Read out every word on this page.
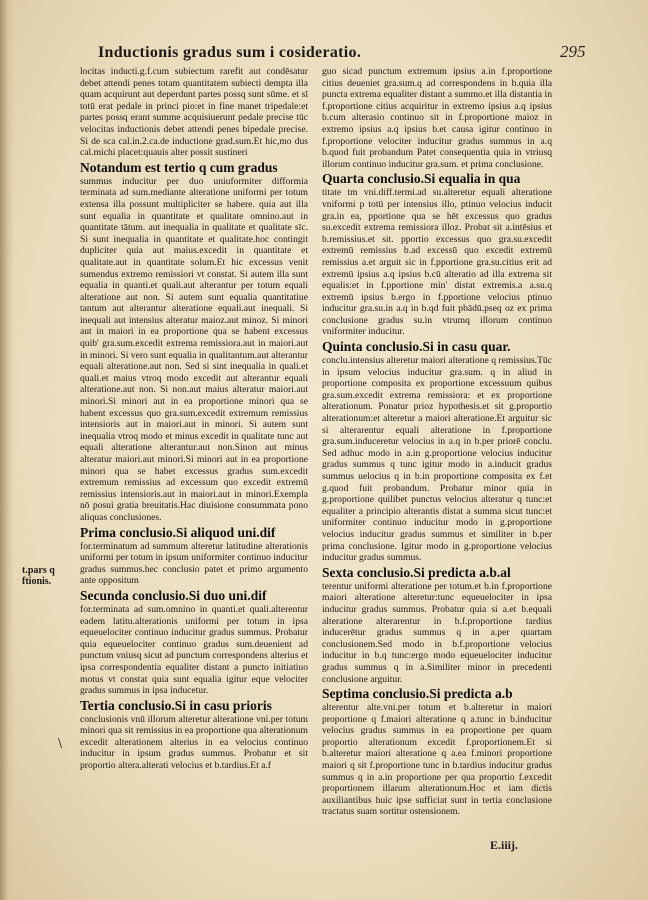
Inductionis gradus sum i cosideratio.	295
t.pars q
ftionis.
\

locitas inducti.g.f.cum subiectum rarefit aut condēsatur debet attendi penes totam quantitatem subiecti dempta illa quam acquirunt aut deperdunt partes possq sunt sūme. et sī totū erat pedale in princi pio:et in fine manet tripedale:et partes possq erant summe acquisiuerunt pedale precise tūc velocitas inductionis debet attendi penes bipedale precise. Si de sca cal.in.2.ca.de inductione grad.sum.Et hic,mo dus cal.michi placet:quauis alter possit sustineri

Notandum est tertio q cum gradus

summus inducitur per duo uniuformiter difformia terminata ad sum.mediante alteratione uniformi per totum extensa illa possunt multipliciter se habere. quia aut illa sunt equalia in quantitate et qualitate omnino.aut in quantitate tātum. aut inequalia in qualitate et qualitate sīc. Si sunt inequalia in quantitate et qualitate.hoc contingit dupliciter quia aut maius.excedit in quantitate et qualitate.aut in quantitate solum.Et hic excessus venit sumendus extremo remissiori vt constat. Si autem illa sunt equalia in quanti.et quali.aut alterantur per totum equali alteratione aut non. Si autem sunt equalia quantitatiue tantum aut alterantur alteratione equali.aut inequali. Si inequali aut intensius alteratur maioz.aut minoz. Si minori aut in maiori in ea proportione qua se habent excessus quib' gra.sum.excedit extrema remissiora.aut in maiori.aut in minori. Si vero sunt equalia in qualitantum.aut alterantur equali alteratione.aut non. Sed si sint inequalia in quali.et quali.et maius vtroq modo excedit aut alterantur equali alteratione.aut non. Si non.aut maius alteratur maiori.aut minori.Si minori aut in ea proportione minori qua se habent excessus quo gra.sum.excedit extremum remissius intensioris aut in maiori.aut in minori. Si autem sunt inequalia vtroq modo et minus excedit in qualitate tunc aut equali alteratione alterantur.aut non.Sinon aut minus alteratur maiori.aut minori.Si minori aut in ea proportione minori qua se habet excessus gradus sum.excedit extremum remissius ad excessum quo excedit extremū remissius intensioris.aut in maiori.aut in minori.Exempla nō posui gratia breuitatis.Hac diuisione consummata pono aliquas conclusiones.

Prima conclusio.Si aliquod uni.dif

for.terminatum ad summum alteretur latitudine alterationis uniformi per totum in ipsum uniformiter continuo inducitur gradus summus.hec conclusio patet et primo argumento ante oppositum

Secunda conclusio.Si duo uni.dif

for.terminata ad sum.omnino in quanti.et quali.alterentur eadem latitu.alterationis uniformi per totum in ipsa equeuelociter continuo inducitur gradus summus. Probatur quia equeuelociter continuo gradus sum.deuenient ad punctum vniusq sicut ad punctum correspondens alterius et ipsa correspondentia equaliter distant a puncto initiatiuo motus vt constat quia sunt equalia igitur eque velociter gradus summus in ipsa inducetur.

Tertia conclusio.Si in casu prioris

conclusionis vnū illorum alteretur alteratione vni.per totum minori qua sit remissius in ea proportione qua alterationum excedit alterationem alterius in ea velocius continuo inducitur in ipsum gradus summus. Probatur et sit proportio altera.alterati velocius et b.tardius.Et a.f

guo sicad punctum extremum ipsius a.in f.proportione citius deueniet gra.sum.q ad correspondens in b.quia illa puncta extrema equaliter distant a summo.et illa distantia in f.proportione citius acquiritur in extremo ipsius a.q ipsius b.cum alterasio continuo sit in f.proportione maioz in extremo ipsius a.q ipsius b.et causa igitur continuo in f.proportione velociter inducitur gradus summus in a.q b.quod fuit probandum Patet consequentia quia in vtriusq illorum continuo inducitur gra.sum. et prima conclusione.

Quarta conclusio.Si equalia in qua

titate tm vni.diff.termi.ad su.alteretur equali alteratione vniformi p totū per intensius illo, ptinuo velocius inducit gra.in ea, pportione qua se hēt excessus quo gradus su.excedit extrema remissiora illoz. Probat sit a.intēsius et b.remissius.et sit. pportio excessus quo gra.su.excedit extremū remissius b.ad excessū quo excedit extremū remissius a.et arguit sic in f.pportione gra.su.citius erit ad extremū ipsius a.q ipsius b.cū alteratio ad illa extrema sit equalis:et in f.pportione min' distat extremis.a a.su.q extremū ipsius b.ergo in f.pportione velocius ptinuo inducitur gra.su.in a.q in b.qd fuit pbādū.pseq oz ex prima conclusione gradus su.in vtrumq illorum continuo vniformiter inducitur.

Quinta conclusio.Si in casu quar.

conclu.intensius alteretur maiori alteratione q remissius.Tūc in ipsum velocius inducitur gra.sum. q in aliud in proportione composita ex proportione excessuum quibus gra.sum.excedit extrema remissiora: et ex proportione alterationum. Ponatur prioz hypothesis.et sit g.proportio alterationum:et alteretur a maiori alteratione.Et arguitur sic si alterarentur equali alteratione in f.proportione gra.sum.induceretur velocius in a.q in b.per priorē conclu. Sed adhuc modo in a.in g.proportione velocius inducitur gradus summus q tunc igitur modo in a.inducit gradus summus uelocius q in b.in proportione composita ex f.et g.quod fuit probandum. Probatur minor quia in g.proportione quilibet punctus velocius alteratur q tunc:et equaliter a principio alterantis distat a summa sicut tunc:et uniformiter continuo inducitur modo in g.proportione velocius inducitur gradus summus et similiter in b.per prima conclusione. Igitur modo in g.proportione velocius inducitur gradus summus.

Sexta conclusio.Si predicta a.b.al

terentur uniformi alteratione per totum.et b.in f.proportione maiori alteratione alteretur:tunc equeuelociter in ipsa inducitur gradus summus. Probatur quia si a.et b.equali alteratione alterarentur in b.f.proportione tardius inducerētur gradus summus q in a.per quartam conclusionem.Sed modo in b.f.proportione velocius inducitur in b.q tunc:ergo modo equeuelociter inducitur gradus summus q in a.Similiter minor in precedenti conclusione arguitur.

Septima conclusio.Si predicta a.b

alterentur alte.vni.per totum et b.alteretur in maiori proportione q f.maiori alteratione q a.tunc in b.inducitur velocius gradus summus in ea proportione per quam proportio alterationum excedit f.proportionem.Et si b.alteretur maiori alteratione q a.ea f.minori proportione maiori q sit f.proportione tunc in b.tardius inducitur gradus summus q in a.in proportione per qua proportio f.excedit proportionem illarum alterationum.Hoc et iam dictis auxiliantibus huic ipse sufficiat sunt in tertia conclusione tractatus suam sortitur ostensionem.

E.iiij.
